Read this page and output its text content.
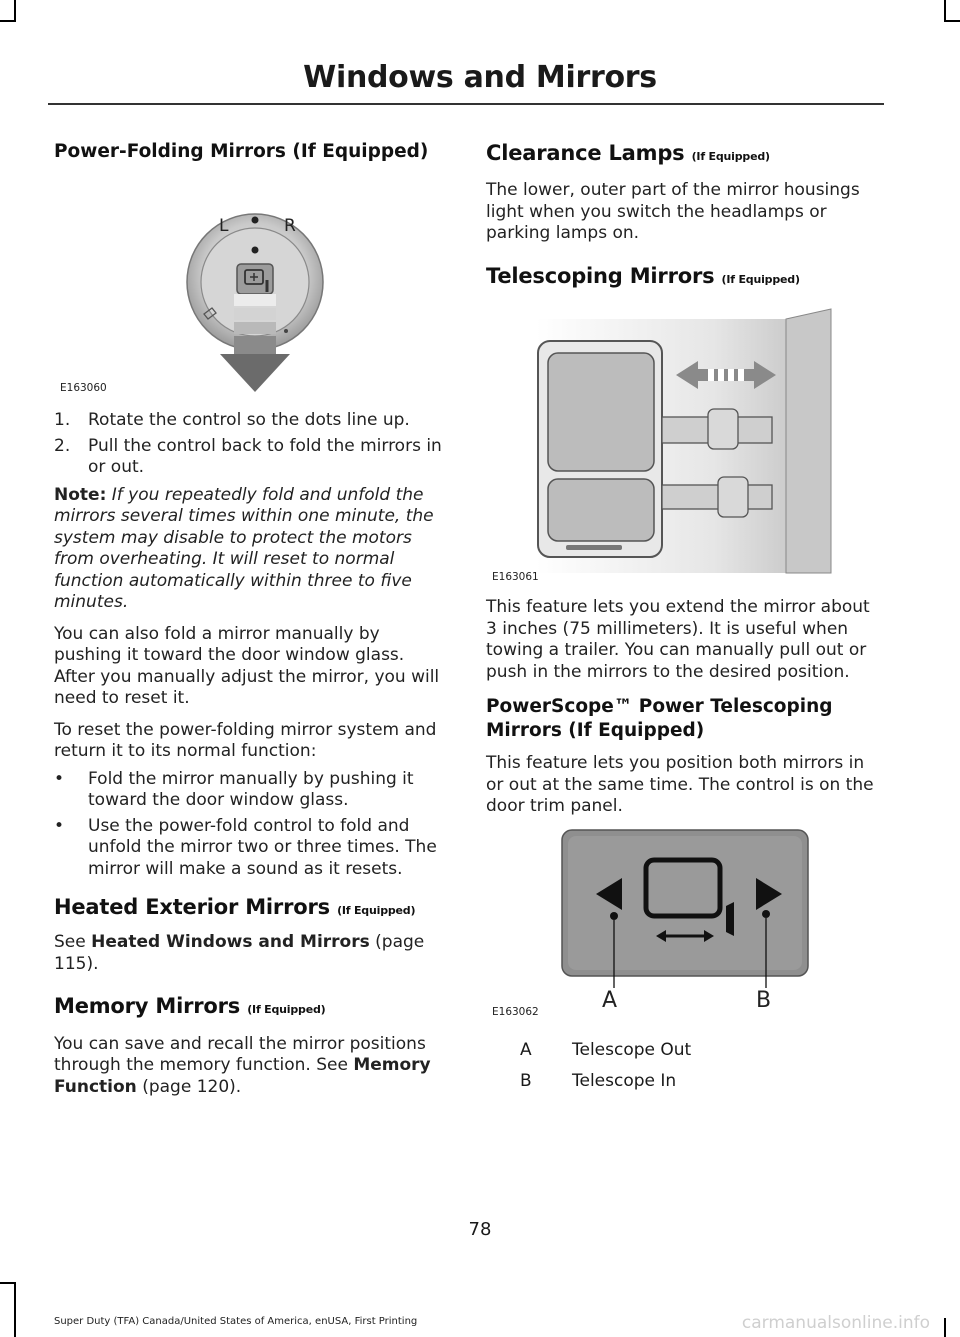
Windows and Mirrors
Power-Folding Mirrors (If Equipped)
L	R
E163060
1. Rotate the control so the dots line up.
2. Pull the control back to fold the mirrors in or out.

Note: If you repeatedly fold and unfold the mirrors several times within one minute, the system may disable to protect the motors from overheating. It will reset to normal function automatically within three to five minutes.

You can also fold a mirror manually by pushing it toward the door window glass. After you manually adjust the mirror, you will need to reset it.

To reset the power-folding mirror system and return it to its normal function:

• Fold the mirror manually by pushing it toward the door window glass.
• Use the power-fold control to fold and unfold the mirror two or three times. The mirror will make a sound as it resets.
Heated Exterior Mirrors (If Equipped)

See Heated Windows and Mirrors (page 115).

Memory Mirrors (If Equipped)

You can save and recall the mirror positions through the memory function. See Memory Function (page 120).

Clearance Lamps (If Equipped)

The lower, outer part of the mirror housings light when you switch the headlamps or parking lamps on.

Telescoping Mirrors (If Equipped)
E163061

This feature lets you extend the mirror about 3 inches (75 millimeters). It is useful when towing a trailer. You can manually pull out or push in the mirrors to the desired position.

PowerScope™ Power Telescoping Mirrors (If Equipped)

This feature lets you position both mirrors in or out at the same time. The control is on the door trim panel.

A	B
E163062
A	Telescope Out
B	Telescope In
78
Super Duty (TFA) Canada/United States of America, enUSA, First Printing	carmanualsonline.info
